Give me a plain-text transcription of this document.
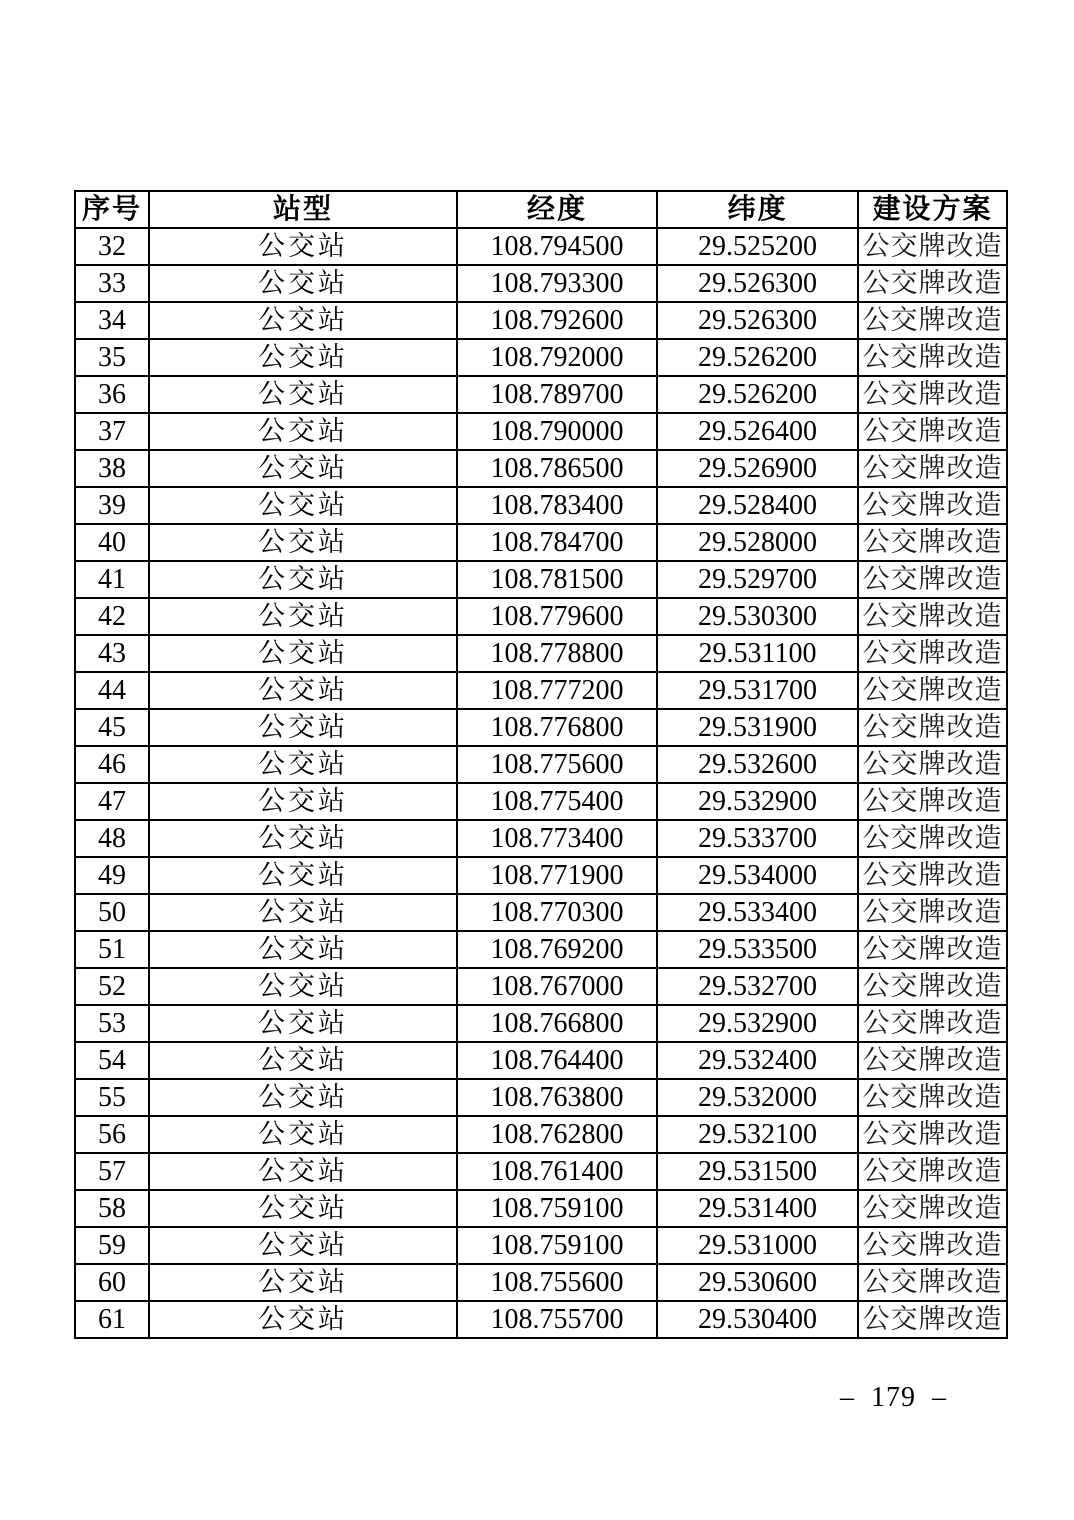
序号	站型	经度	纬度	建设方案
32	公交站	108.794500	29.525200	公交牌改造
33	公交站	108.793300	29.526300	公交牌改造
34	公交站	108.792600	29.526300	公交牌改造
35	公交站	108.792000	29.526200	公交牌改造
36	公交站	108.789700	29.526200	公交牌改造
37	公交站	108.790000	29.526400	公交牌改造
38	公交站	108.786500	29.526900	公交牌改造
39	公交站	108.783400	29.528400	公交牌改造
40	公交站	108.784700	29.528000	公交牌改造
41	公交站	108.781500	29.529700	公交牌改造
42	公交站	108.779600	29.530300	公交牌改造
43	公交站	108.778800	29.531100	公交牌改造
44	公交站	108.777200	29.531700	公交牌改造
45	公交站	108.776800	29.531900	公交牌改造
46	公交站	108.775600	29.532600	公交牌改造
47	公交站	108.775400	29.532900	公交牌改造
48	公交站	108.773400	29.533700	公交牌改造
49	公交站	108.771900	29.534000	公交牌改造
50	公交站	108.770300	29.533400	公交牌改造
51	公交站	108.769200	29.533500	公交牌改造
52	公交站	108.767000	29.532700	公交牌改造
53	公交站	108.766800	29.532900	公交牌改造
54	公交站	108.764400	29.532400	公交牌改造
55	公交站	108.763800	29.532000	公交牌改造
56	公交站	108.762800	29.532100	公交牌改造
57	公交站	108.761400	29.531500	公交牌改造
58	公交站	108.759100	29.531400	公交牌改造
59	公交站	108.759100	29.531000	公交牌改造
60	公交站	108.755600	29.530600	公交牌改造
61	公交站	108.755700	29.530400	公交牌改造
– 179 –
